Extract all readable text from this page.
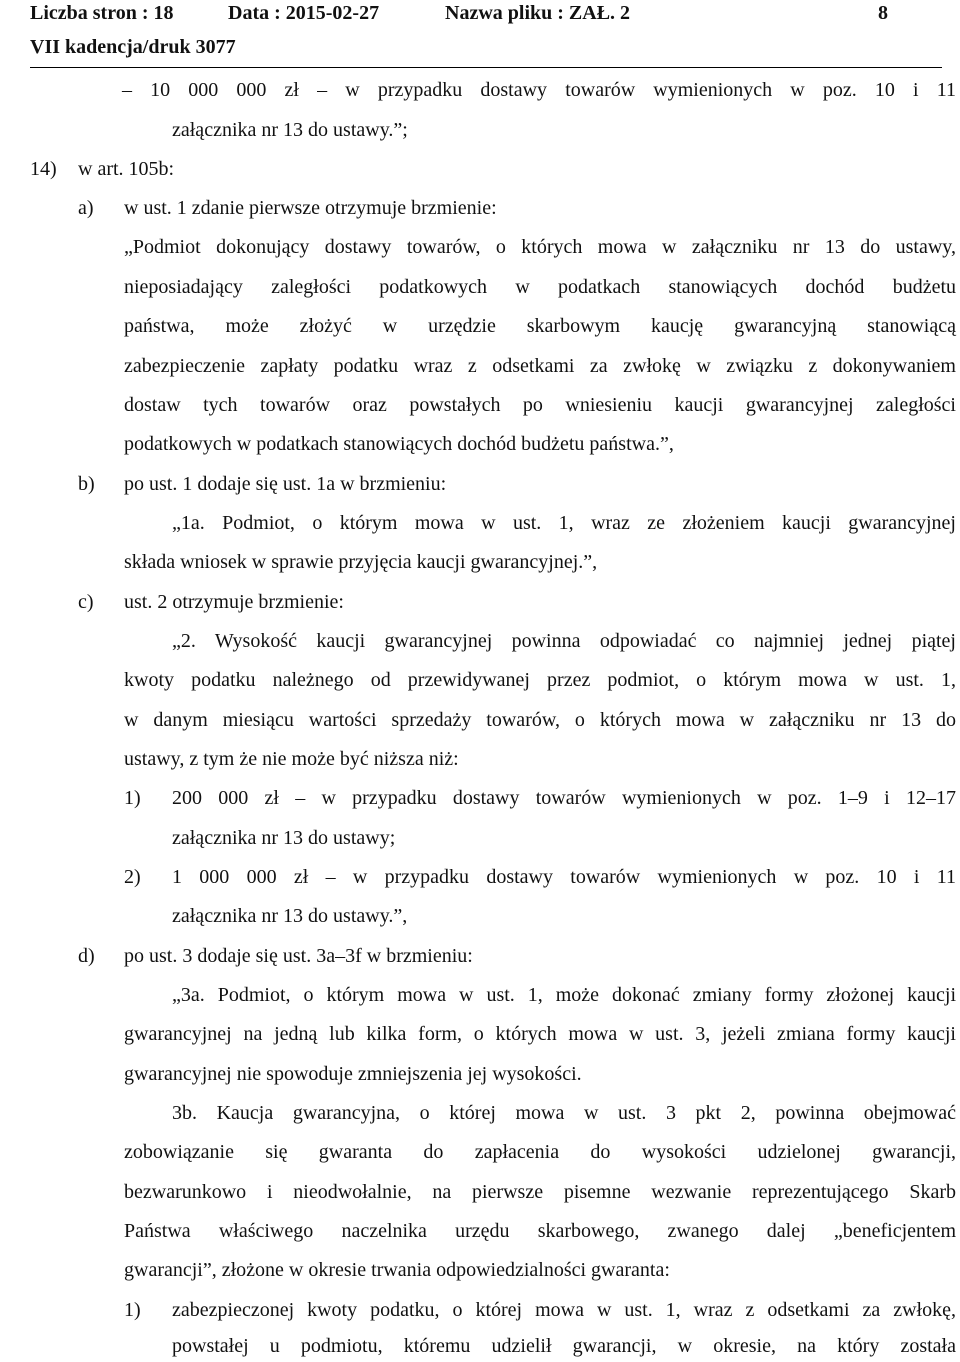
Liczba stron : 18	Data : 2015-02-27	Nazwa pliku : ZAŁ. 2	8
VII kadencja/druk 3077
– 10 000 000 zł – w przypadku dostawy towarów wymienionych w poz. 10 i 11
załącznika nr 13 do ustawy.”;
14) w art. 105b:
a) w ust. 1 zdanie pierwsze otrzymuje brzmienie:
„Podmiot dokonujący dostawy towarów, o których mowa w załączniku nr 13 do ustawy,
nieposiadający zaległości podatkowych w podatkach stanowiących dochód budżetu
państwa, może złożyć w urzędzie skarbowym kaucję gwarancyjną stanowiącą
zabezpieczenie zapłaty podatku wraz z odsetkami za zwłokę w związku z dokonywaniem
dostaw tych towarów oraz powstałych po wniesieniu kaucji gwarancyjnej zaległości
podatkowych w podatkach stanowiących dochód budżetu państwa.”,
b) po ust. 1 dodaje się ust. 1a w brzmieniu:
„1a. Podmiot, o którym mowa w ust. 1, wraz ze złożeniem kaucji gwarancyjnej
składa wniosek w sprawie przyjęcia kaucji gwarancyjnej.”,
c) ust. 2 otrzymuje brzmienie:
„2. Wysokość kaucji gwarancyjnej powinna odpowiadać co najmniej jednej piątej
kwoty podatku należnego od przewidywanej przez podmiot, o którym mowa w ust. 1,
w danym miesiącu wartości sprzedaży towarów, o których mowa w załączniku nr 13 do
ustawy, z tym że nie może być niższa niż:
1) 200 000 zł – w przypadku dostawy towarów wymienionych w poz. 1–9 i 12–17
załącznika nr 13 do ustawy;
2) 1 000 000 zł – w przypadku dostawy towarów wymienionych w poz. 10 i 11
załącznika nr 13 do ustawy.”,
d) po ust. 3 dodaje się ust. 3a–3f w brzmieniu:
„3a. Podmiot, o którym mowa w ust. 1, może dokonać zmiany formy złożonej kaucji
gwarancyjnej na jedną lub kilka form, o których mowa w ust. 3, jeżeli zmiana formy kaucji
gwarancyjnej nie spowoduje zmniejszenia jej wysokości.
3b. Kaucja gwarancyjna, o której mowa w ust. 3 pkt 2, powinna obejmować
zobowiązanie się gwaranta do zapłacenia do wysokości udzielonej gwarancji,
bezwarunkowo i nieodwołalnie, na pierwsze pisemne wezwanie reprezentującego Skarb
Państwa właściwego naczelnika urzędu skarbowego, zwanego dalej „beneficjentem
gwarancji”, złożone w okresie trwania odpowiedzialności gwaranta:
1) zabezpieczonej kwoty podatku, o której mowa w ust. 1, wraz z odsetkami za zwłokę,
powstałej u podmiotu, któremu udzielił gwarancji, w okresie, na który została
